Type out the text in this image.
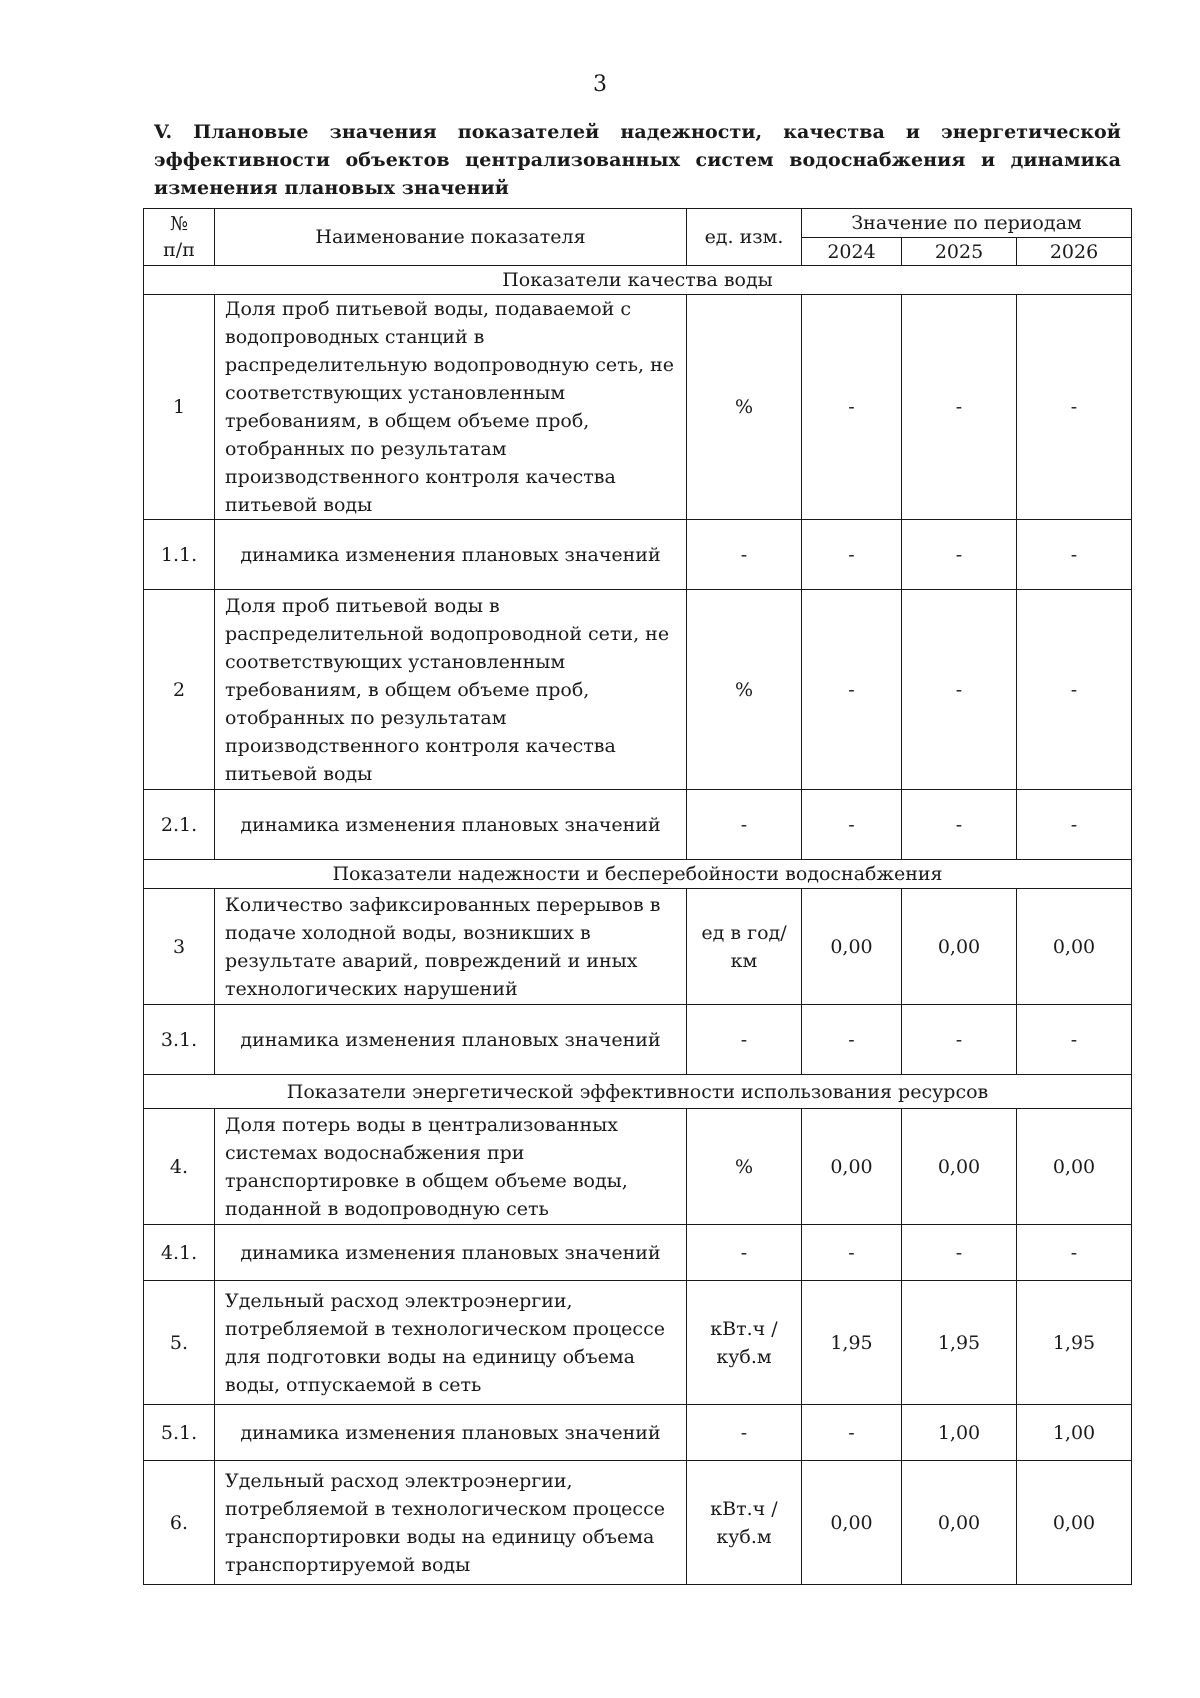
3
V. Плановые значения показателей надежности, качества и энергетической эффективности объектов централизованных систем водоснабжения и динамика изменения плановых значений
№
п/п	Наименование показателя	ед. изм.	Значение по периодам		
			2024	2025	2026
Показатели качества воды					
1	Доля проб питьевой воды, подаваемой с водопроводных станций в распределительную водопроводную сеть, не соответствующих установленным требованиям, в общем объеме проб, отобранных по результатам производственного контроля качества питьевой воды	%	-	-	-
1.1.	динамика изменения плановых значений	-	-	-	-
2	Доля проб питьевой воды в распределительной водопроводной сети, не соответствующих установленным требованиям, в общем объеме проб, отобранных по результатам производственного контроля качества питьевой воды	%	-	-	-
2.1.	динамика изменения плановых значений	-	-	-	-
Показатели надежности и бесперебойности водоснабжения					
3	Количество зафиксированных перерывов в подаче холодной воды, возникших в результате аварий, повреждений и иных технологических нарушений	ед в год/ км	0,00	0,00	0,00
3.1.	динамика изменения плановых значений	-	-	-	-
Показатели энергетической эффективности использования ресурсов					
4.	Доля потерь воды в централизованных системах водоснабжения при транспортировке в общем объеме воды, поданной в водопроводную сеть	%	0,00	0,00	0,00
4.1.	динамика изменения плановых значений	-	-	-	-
5.	Удельный расход электроэнергии, потребляемой в технологическом процессе для подготовки воды на единицу объема воды, отпускаемой в сеть	кВт.ч / куб.м	1,95	1,95	1,95
5.1.	динамика изменения плановых значений	-	-	1,00	1,00
6.	Удельный расход электроэнергии, потребляемой в технологическом процессе транспортировки воды на единицу объема транспортируемой воды	кВт.ч / куб.м	0,00	0,00	0,00
